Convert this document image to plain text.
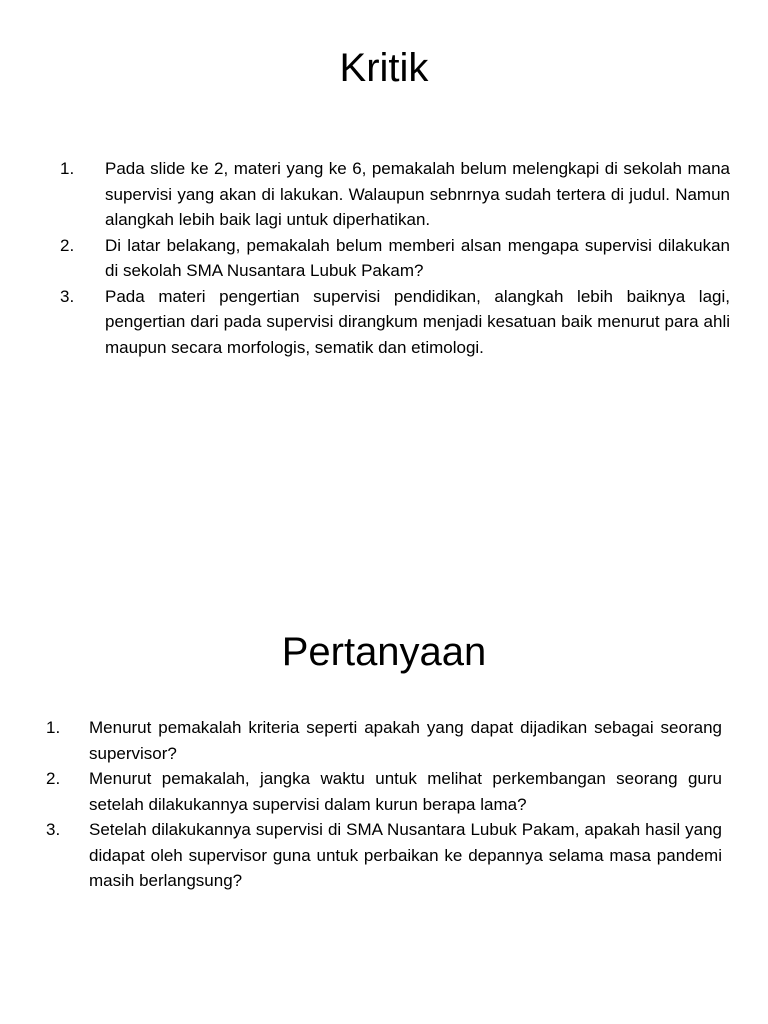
Kritik
1.	Pada slide ke 2, materi yang ke 6, pemakalah belum melengkapi di sekolah mana supervisi yang akan di lakukan. Walaupun sebnrnya sudah tertera di judul. Namun alangkah lebih baik lagi untuk diperhatikan.
2.	Di latar belakang, pemakalah belum memberi alsan mengapa supervisi dilakukan di sekolah SMA Nusantara Lubuk Pakam?
3.	Pada materi pengertian supervisi pendidikan, alangkah lebih baiknya lagi, pengertian dari pada supervisi dirangkum menjadi kesatuan baik menurut para ahli maupun secara morfologis, sematik dan etimologi.
Pertanyaan
1.	Menurut pemakalah kriteria seperti apakah yang dapat dijadikan sebagai seorang supervisor?
2.	Menurut pemakalah, jangka waktu untuk melihat perkembangan seorang guru setelah dilakukannya supervisi dalam kurun berapa lama?
3.	Setelah dilakukannya supervisi di SMA Nusantara Lubuk Pakam, apakah hasil yang didapat oleh supervisor guna untuk perbaikan ke depannya selama masa pandemi masih berlangsung?
